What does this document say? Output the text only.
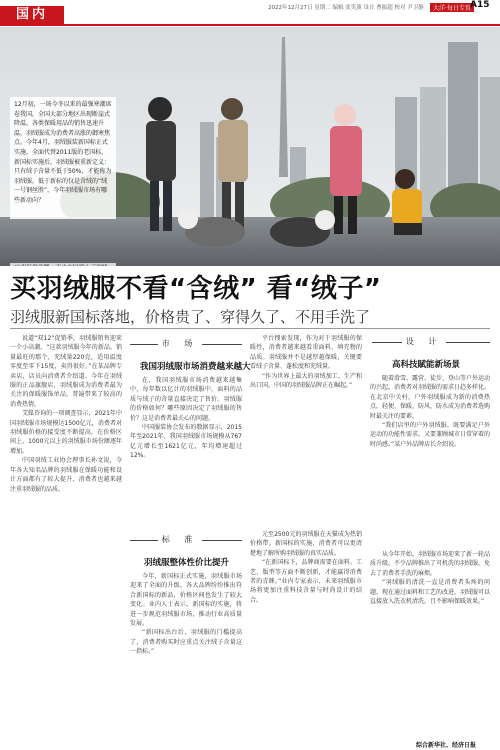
国内	2022年12月27日 星期二 编辑 张笑旗 设计 曹振超 校对 尹卫静	大洋·每日专页 A15
12月初，一场今冬以来的最强寒潮席卷我国，全国大部分地区出现断崖式降温，各类保暖用品的销售迅速升温，羽绒服成为消费者高涨的御寒焦点。今年4月，羽绒服装新国标正式实施，全面代替2011版的老国标，新国标实施后，羽绒服被重新定义：只有绒子含量不低于50%，才能称为羽绒服，低于新标的仅是含绒的“绒一号钢丝胜”。今年羽绒服市场有哪些新动向？
买羽绒服不看“含绒” 看“绒子”
羽绒服新国标落地，价格贵了、穿得久了、不用手洗了

说道“双12”促销季，羽绒服销售迎来一个小高潮。“这款羽绒服今年的新品，销量最旺的那个，充绒量220克，适用温度零度至零下15度，卖得很好。”在某品牌专卖店，店员向消费者介绍道。今年在羽绒服的正品旗舰店，羽绒服成为消费者最为关注的保暖服饰单品，普遍带来了较高的消费热情。

艾媒咨询的一项调查显示，2021年中国羽绒服市场规模达1500亿元，消费者对羽绒服价格的接受度不断提高。在价格区间上，1000元以上的羽绒服市场份额逐年增加。

中国羽绒工业协会理事长孙文说，今年各大知名品牌的羽绒服在保暖功能和设计方面都有了较大提升，消费者也越来越注重羽绒服的品质。

市 场
我国羽绒服市场消费越来越大

在，我国羽绒服市场消费越来越集中，每年数以亿计的羽绒服中，面料的品质与绒子的含量直接决定了售价。羽绒服的价格如何？哪些原因决定了羽绒服的售价？这是消费者最关心的问题。

中国服装协会发布的数据显示，2015年至2021年，我国羽绒服市场规模从767亿元增长至1621亿元，年均增速超过12%。

标 准
羽绒服整体性价比提升

今年，新国标正式实施，羽绒服市场迎来了全面的升级。各大品牌纷纷推出符合新国标的新品，价格区间也发生了较大变化。业内人士表示，新国标的实施，将进一步规范羽绒服市场，推动行业高质量发展。

“新国标出台后，羽绒服的门槛提高了，消费者购买时应重点关注绒子含量这一指标。”

平台搜索发现，作为对于羽绒服的保暖性，消费者越来越看重面料、填充物的品质。羽绒服并不是越厚越保暖，关键要看绒子含量、蓬松度和充绒量。

“作为世界上最大的羽绒加工、生产和出口国，中国的羽绒服品牌正在崛起。”

元至2500元的羽绒服在天猫成为热销价格带。新国标的实施，消费者可以更清楚地了解所购羽绒服的真实品质。

“在新国标下，品牌商需要在面料、工艺、版型等方面不断创新，才能赢得消费者的青睐。”业内专家表示，未来羽绒服市场将更加注重科技含量与时尚设计的结合。

设 计
高科技賦能新场景

随着滑雪、露营、徒步、登山等户外运动的兴起，消费者对羽绒服的需求日趋多样化。在北京中关村，户外羽绒服成为新的消费热点，轻便、保暖、防风、防水成为消费者选购时最关注的要素。

“我们店里的户外羽绒服，既要满足户外运动的功能性需求，又要兼顾城市日常穿着的时尚感。”某户外品牌店长介绍说。

从今年开始，羽绒服市场迎来了新一轮品质升级。不少品牌推出了可机洗的羽绒服，免去了消费者手洗的麻烦。

“羽绒服的清洗一直是消费者头疼的问题，现在通过面料和工艺的改进，羽绒服可以直接放入洗衣机清洗，且不影响保暖效果。”

综合新华社、经济日报
